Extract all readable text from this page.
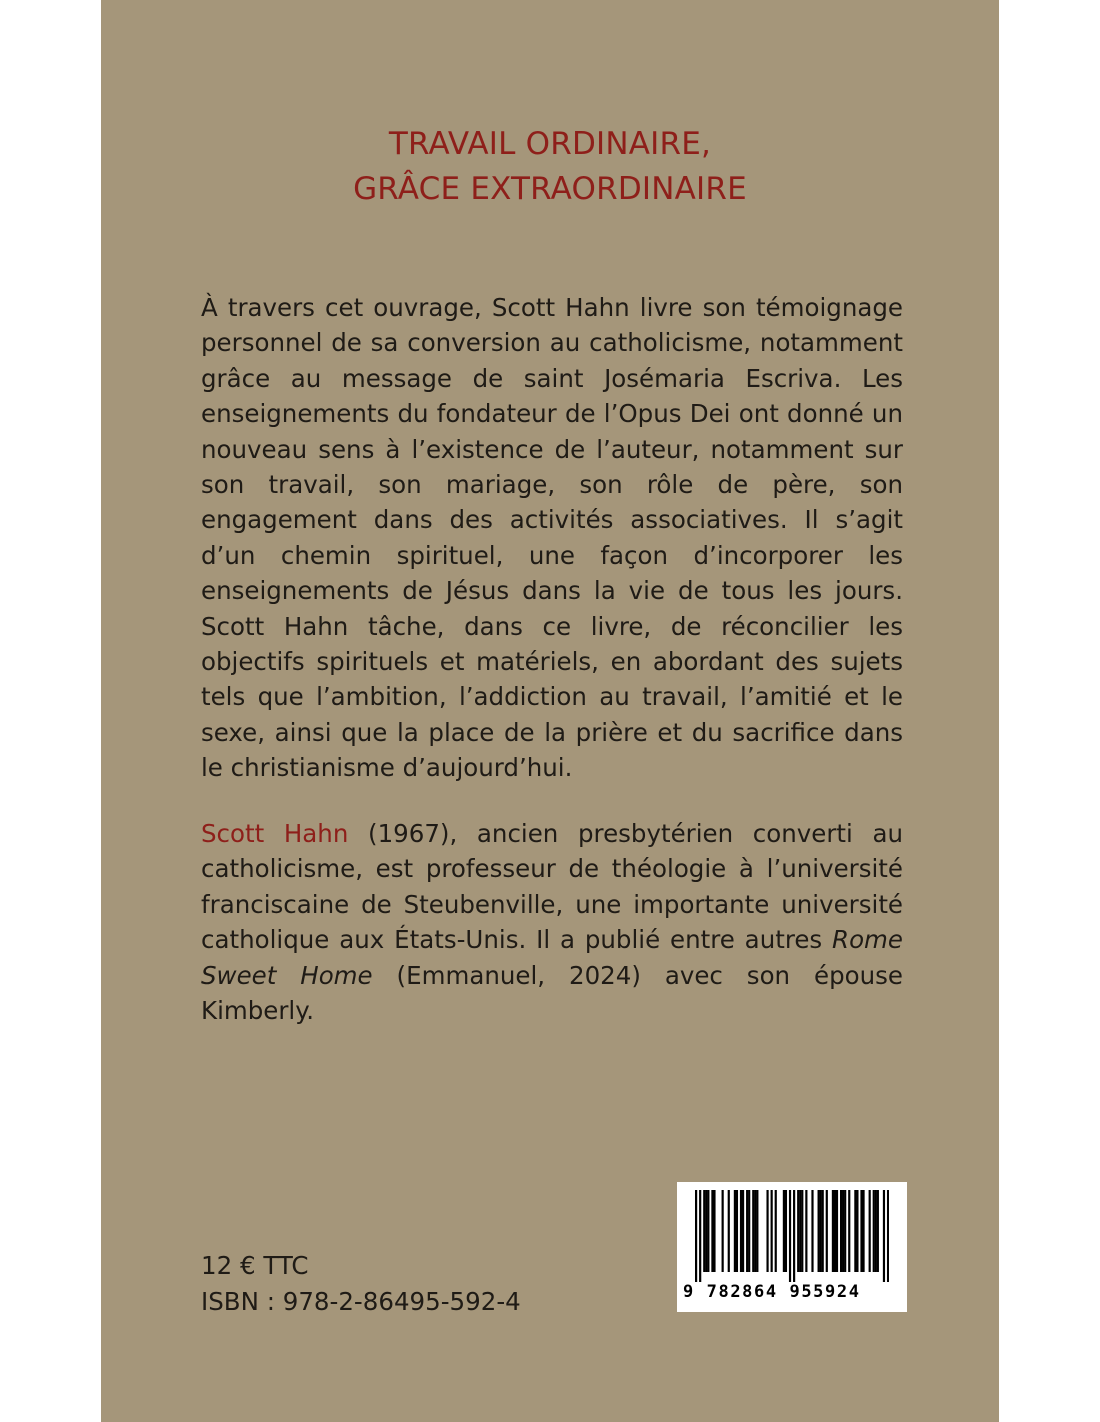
TRAVAIL ORDINAIRE,
GRÂCE EXTRAORDINAIRE

À travers cet ouvrage, Scott Hahn livre son témoignage personnel de sa conversion au catholicisme, notamment grâce au message de saint Josémaria Escriva. Les enseignements du fondateur de l’Opus Dei ont donné un nouveau sens à l’existence de l’auteur, notamment sur son travail, son mariage, son rôle de père, son engagement dans des activités associatives. Il s’agit d’un chemin spirituel, une façon d’incorporer les enseignements de Jésus dans la vie de tous les jours. Scott Hahn tâche, dans ce livre, de réconcilier les objectifs spirituels et matériels, en abordant des sujets tels que l’ambition, l’addiction au travail, l’amitié et le sexe, ainsi que la place de la prière et du sacrifice dans le christianisme d’aujourd’hui.

Scott Hahn (1967), ancien presbytérien converti au catholicisme, est professeur de théologie à l’université franciscaine de Steubenville, une importante université catholique aux États-Unis. Il a publié entre autres Rome Sweet Home (Emmanuel, 2024) avec son épouse Kimberly.

12 € TTC
ISBN : 978-2-86495-592-4	9 782864 955924
